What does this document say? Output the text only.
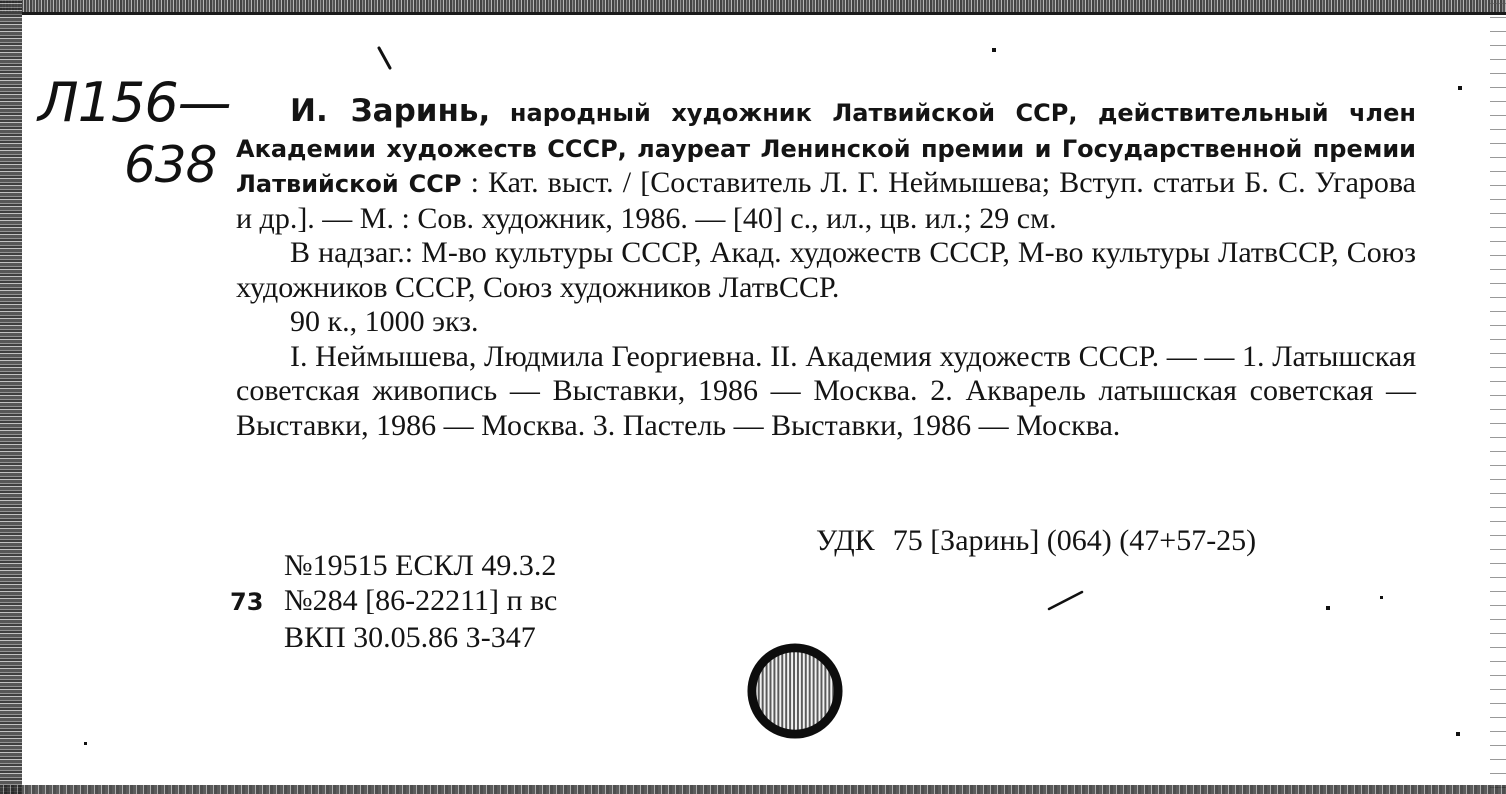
Л156—
638

И. Заринь, народный художник Латвийской ССР, действительный член Академии художеств СССР, лауреат Ленинской премии и Государственной премии Латвийской ССР : Кат. выст. / [Составитель Л. Г. Неймышева; Вступ. статьи Б. С. Угарова и др.]. — М. : Сов. художник, 1986. — [40] с., ил., цв. ил.; 29 см.

В надзаг.: М-во культуры СССР, Акад. художеств СССР, М-во культуры ЛатвССР, Союз художников СССР, Союз художников ЛатвССР.

90 к., 1000 экз.

I. Неймышева, Людмила Георгиевна. II. Академия художеств СССР. — — 1. Латышская советская живопись — Выставки, 1986 — Москва. 2. Акварель латышская советская — Выставки, 1986 — Москва. 3. Пастель — Выставки, 1986 — Москва.

УДК 75 [Заринь] (064) (47+57-25)
№19515 ЕСКЛ 49.3.2
73 №284 [86-22211] п вс
ВКП 30.05.86 З-347
